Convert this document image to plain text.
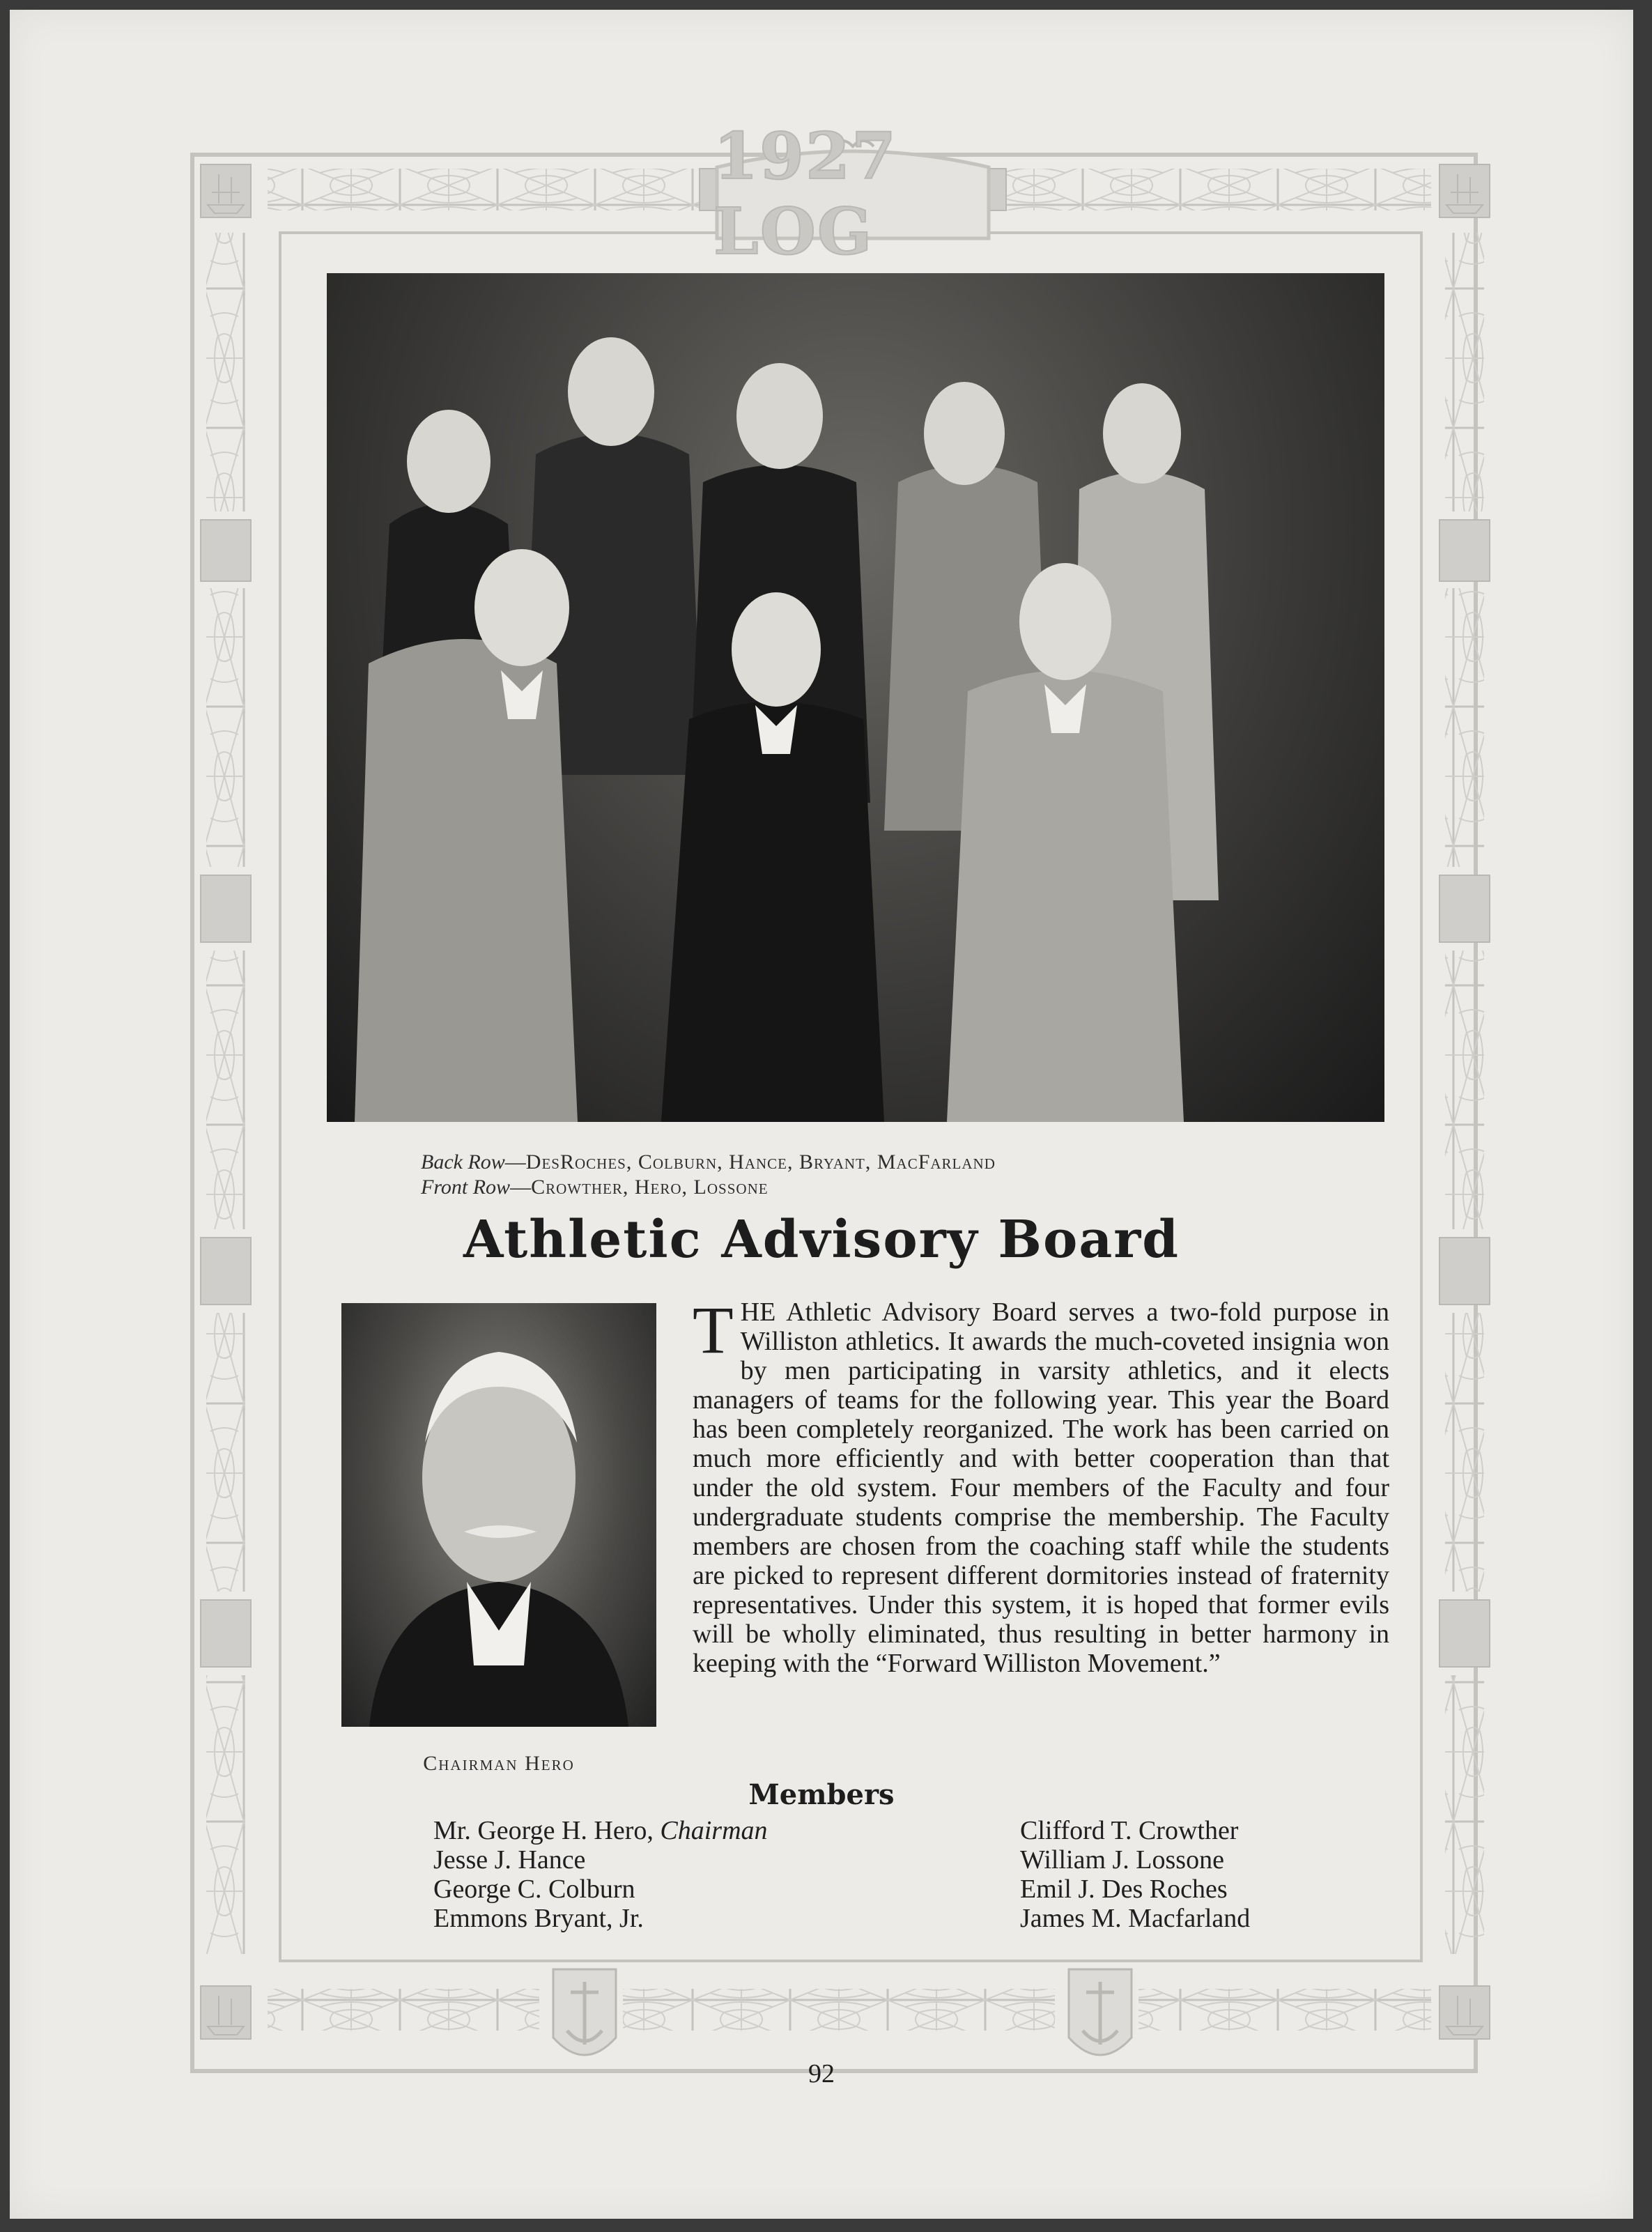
1927 LOG
Back Row—DesRoches, Colburn, Hance, Bryant, MacFarland
Front Row—Crowther, Hero, Lossone
Athletic Advisory Board
Chairman Hero
THE Athletic Advisory Board serves a two-fold purpose in Williston athletics. It awards the much-coveted insignia won by men participating in varsity athletics, and it elects managers of teams for the following year. This year the Board has been completely reorganized. The work has been carried on much more efficiently and with better cooperation than that under the old system. Four members of the Faculty and four undergraduate students comprise the membership. The Faculty members are chosen from the coaching staff while the students are picked to represent different dormitories instead of fraternity representatives. Under this system, it is hoped that former evils will be wholly eliminated, thus resulting in better harmony in keeping with the “Forward Williston Movement.”
Members
Mr. George H. Hero, Chairman
Jesse J. Hance
George C. Colburn
Emmons Bryant, Jr.
Clifford T. Crowther
William J. Lossone
Emil J. Des Roches
James M. Macfarland
92
